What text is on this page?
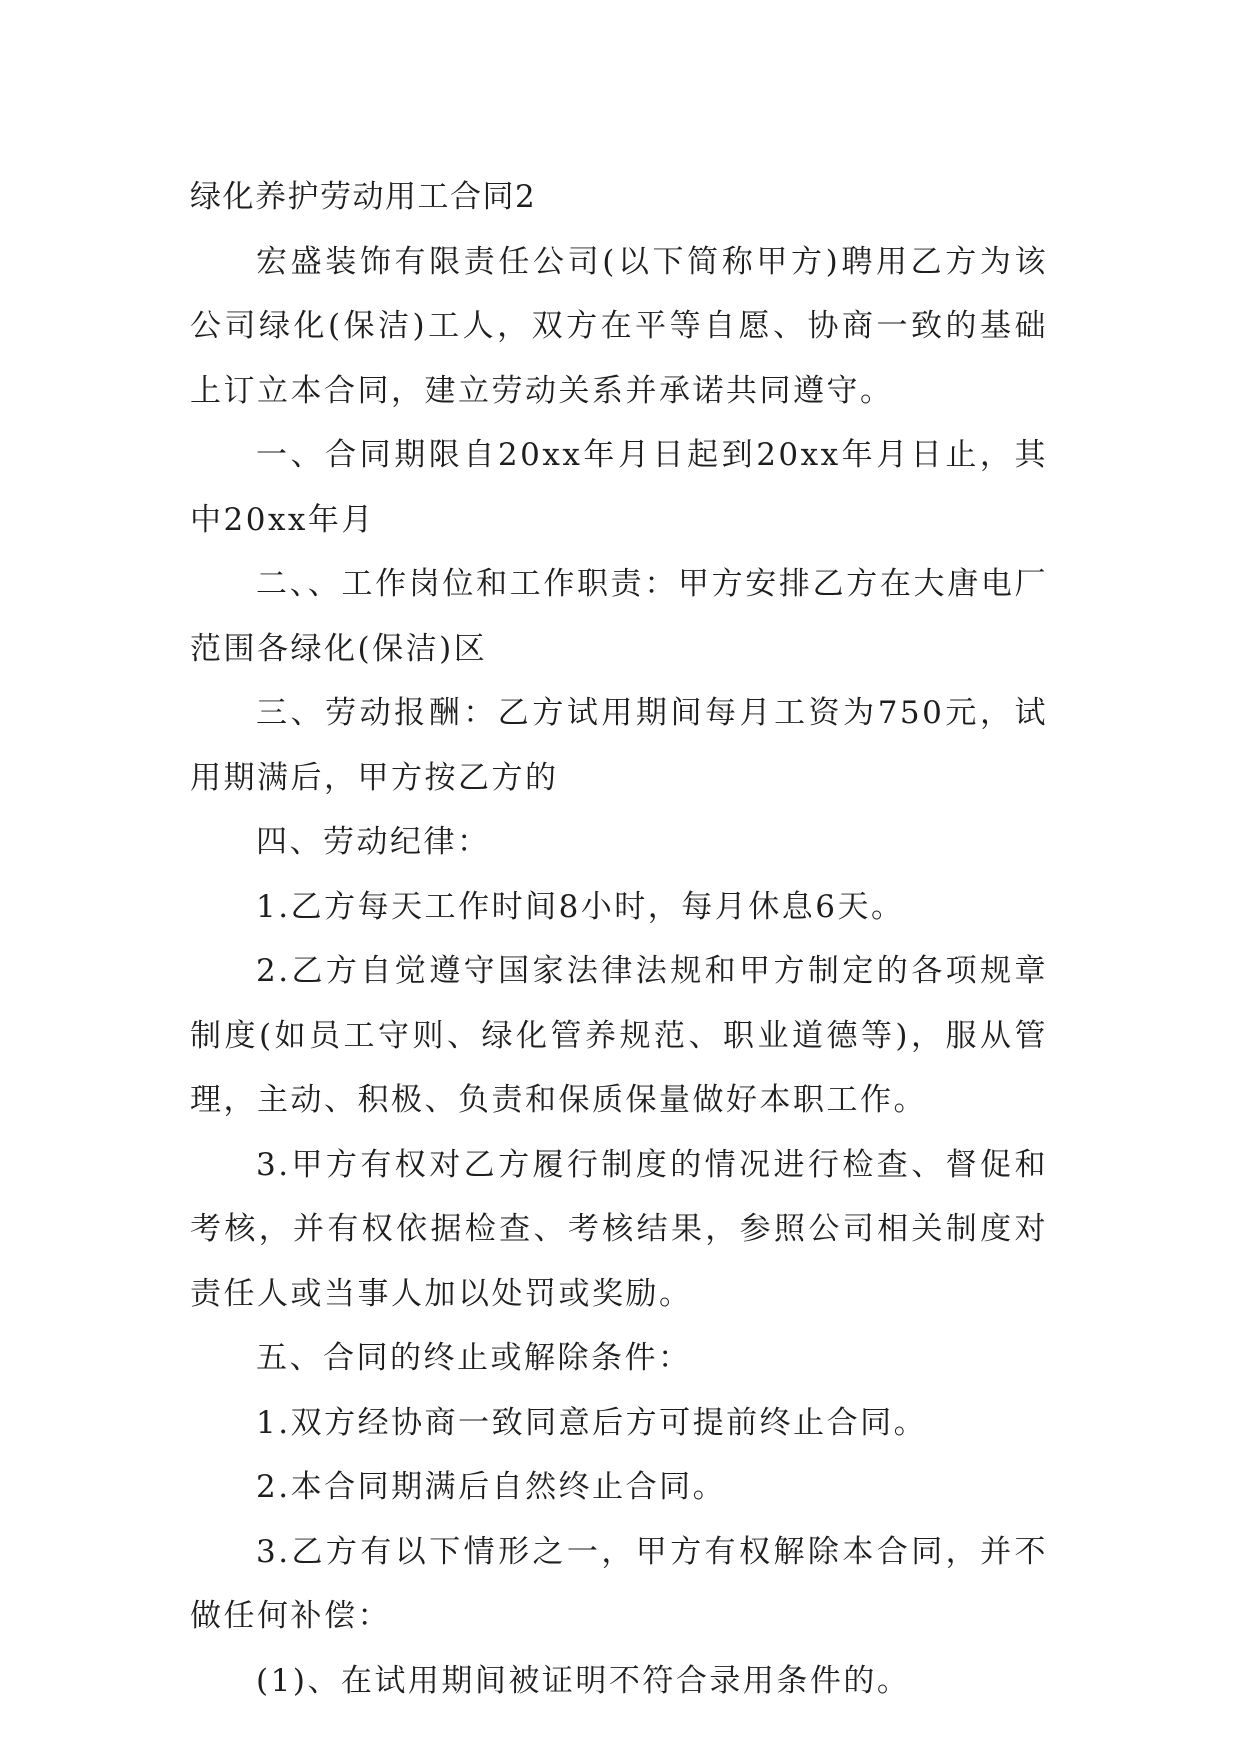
绿化养护劳动用工合同2

宏盛装饰有限责任公司(以下简称甲方)聘用乙方为该公司绿化(保洁)工人，双方在平等自愿、协商一致的基础上订立本合同，建立劳动关系并承诺共同遵守。

一、合同期限自20xx年月日起到20xx年月日止，其中20xx年月

二、、工作岗位和工作职责：甲方安排乙方在大唐电厂范围各绿化(保洁)区

三、劳动报酬：乙方试用期间每月工资为750元，试用期满后，甲方按乙方的

四、劳动纪律：

1.乙方每天工作时间8小时，每月休息6天。

2.乙方自觉遵守国家法律法规和甲方制定的各项规章制度(如员工守则、绿化管养规范、职业道德等)，服从管理，主动、积极、负责和保质保量做好本职工作。

3.甲方有权对乙方履行制度的情况进行检查、督促和考核，并有权依据检查、考核结果，参照公司相关制度对责任人或当事人加以处罚或奖励。

五、合同的终止或解除条件：

1.双方经协商一致同意后方可提前终止合同。

2.本合同期满后自然终止合同。

3.乙方有以下情形之一，甲方有权解除本合同，并不做任何补偿：

(1)、在试用期间被证明不符合录用条件的。
